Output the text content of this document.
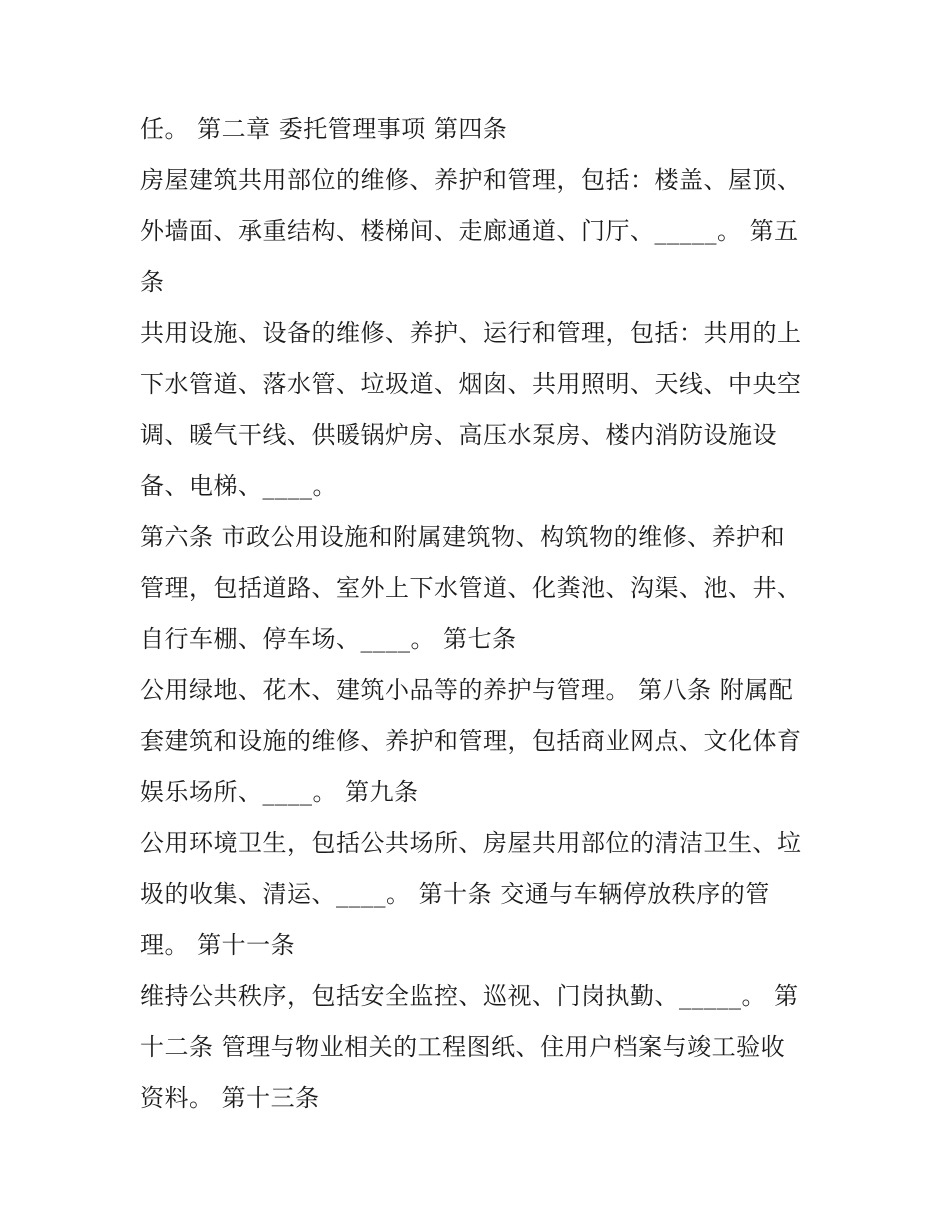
任。 第二章 委托管理事项 第四条
房屋建筑共用部位的维修、养护和管理，包括：楼盖、屋顶、
外墙面、承重结构、楼梯间、走廊通道、门厅、_____。 第五
条
共用设施、设备的维修、养护、运行和管理，包括：共用的上
下水管道、落水管、垃圾道、烟囱、共用照明、天线、中央空
调、暖气干线、供暖锅炉房、高压水泵房、楼内消防设施设
备、电梯、____。
第六条 市政公用设施和附属建筑物、构筑物的维修、养护和
管理，包括道路、室外上下水管道、化粪池、沟渠、池、井、
自行车棚、停车场、____。 第七条
公用绿地、花木、建筑小品等的养护与管理。 第八条 附属配
套建筑和设施的维修、养护和管理，包括商业网点、文化体育
娱乐场所、____。 第九条
公用环境卫生，包括公共场所、房屋共用部位的清洁卫生、垃
圾的收集、清运、____。 第十条 交通与车辆停放秩序的管
理。 第十一条
维持公共秩序，包括安全监控、巡视、门岗执勤、_____。 第
十二条 管理与物业相关的工程图纸、住用户档案与竣工验收
资料。 第十三条
